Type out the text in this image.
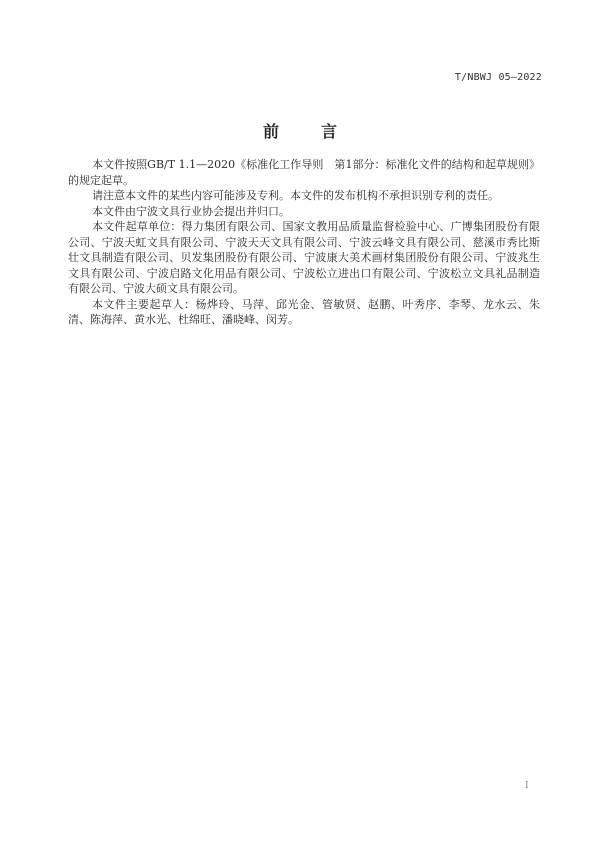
T/NBWJ 05—2022
前	言

本文件按照GB/T 1.1—2020《标准化工作导则　第1部分：标准化文件的结构和起草规则》的规定起草。

请注意本文件的某些内容可能涉及专利。本文件的发布机构不承担识别专利的责任。

本文件由宁波文具行业协会提出并归口。

本文件起草单位：得力集团有限公司、国家文教用品质量监督检验中心、广博集团股份有限公司、宁波天虹文具有限公司、宁波天天文具有限公司、宁波云峰文具有限公司、慈溪市秀比斯壮文具制造有限公司、贝发集团股份有限公司、宁波康大美术画材集团股份有限公司、宁波兆生文具有限公司、宁波启路文化用品有限公司、宁波松立进出口有限公司、宁波松立文具礼品制造有限公司、宁波大硕文具有限公司。

本文件主要起草人：杨烨玲、马萍、邱光金、管敏贤、赵鹏、叶秀序、李琴、龙水云、朱清、陈海萍、黄水光、杜绵旺、潘晓峰、闵芳。

I
